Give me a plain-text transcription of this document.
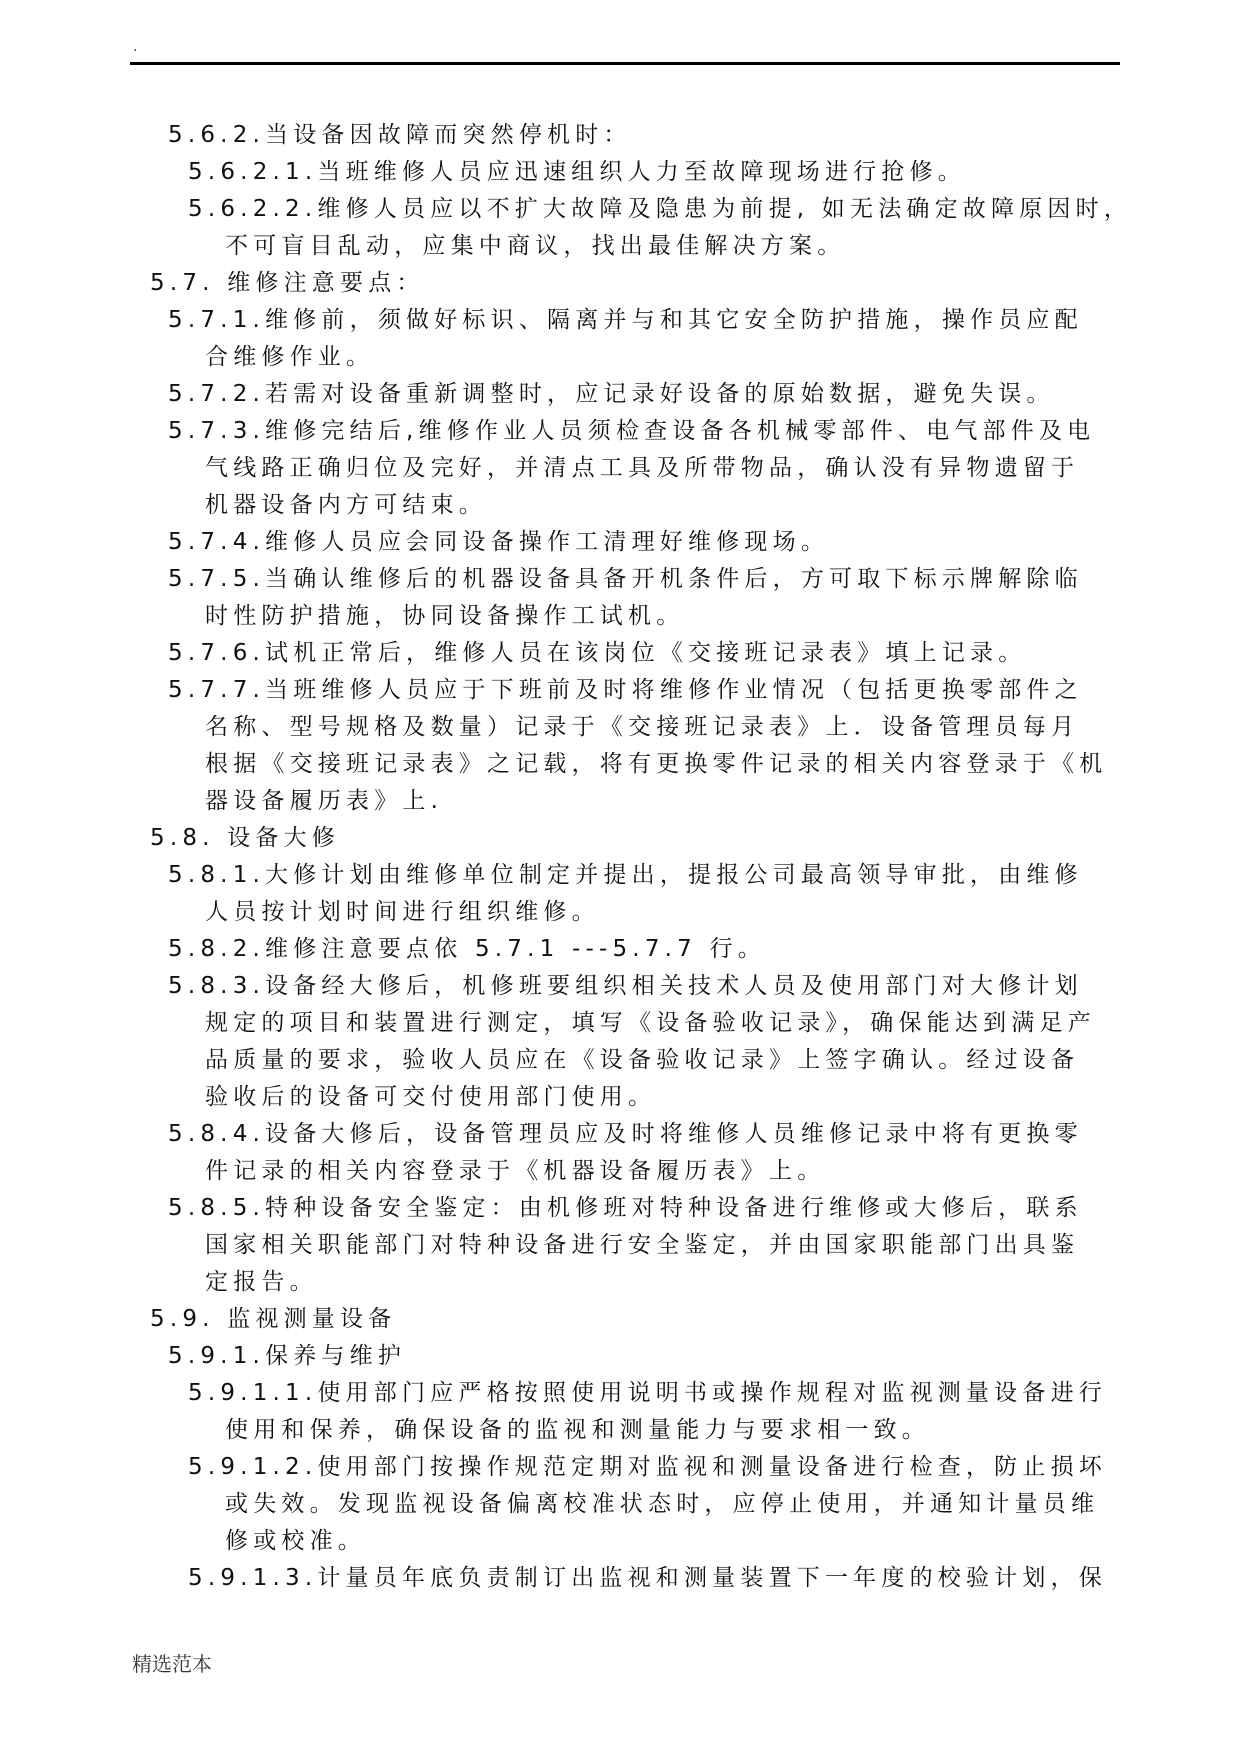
.
5.6.2.当设备因故障而突然停机时：
5.6.2.1.当班维修人员应迅速组织人力至故障现场进行抢修。
5.6.2.2.维修人员应以不扩大故障及隐患为前提, 如无法确定故障原因时，
不可盲目乱动，应集中商议，找出最佳解决方案。
5.7. 维修注意要点：
5.7.1.维修前，须做好标识、隔离并与和其它安全防护措施，操作员应配
合维修作业。
5.7.2.若需对设备重新调整时，应记录好设备的原始数据，避免失误。
5.7.3.维修完结后,维修作业人员须检查设备各机械零部件、电气部件及电
气线路正确归位及完好，并清点工具及所带物品，确认没有异物遗留于
机器设备内方可结束。
5.7.4.维修人员应会同设备操作工清理好维修现场。
5.7.5.当确认维修后的机器设备具备开机条件后，方可取下标示牌解除临
时性防护措施，协同设备操作工试机。
5.7.6.试机正常后，维修人员在该岗位《交接班记录表》填上记录。
5.7.7.当班维修人员应于下班前及时将维修作业情况（包括更换零部件之
名称、型号规格及数量）记录于《交接班记录表》上．设备管理员每月
根据《交接班记录表》之记载，将有更换零件记录的相关内容登录于《机
器设备履历表》上.
5.8. 设备大修
5.8.1.大修计划由维修单位制定并提出，提报公司最高领导审批，由维修
人员按计划时间进行组织维修。
5.8.2.维修注意要点依 5.7.1 ---5.7.7 行。
5.8.3.设备经大修后，机修班要组织相关技术人员及使用部门对大修计划
规定的项目和装置进行测定，填写《设备验收记录》，确保能达到满足产
品质量的要求，验收人员应在《设备验收记录》上签字确认。经过设备
验收后的设备可交付使用部门使用。
5.8.4.设备大修后，设备管理员应及时将维修人员维修记录中将有更换零
件记录的相关内容登录于《机器设备履历表》上。
5.8.5.特种设备安全鉴定：由机修班对特种设备进行维修或大修后，联系
国家相关职能部门对特种设备进行安全鉴定，并由国家职能部门出具鉴
定报告。
5.9. 监视测量设备
5.9.1.保养与维护
5.9.1.1.使用部门应严格按照使用说明书或操作规程对监视测量设备进行
使用和保养，确保设备的监视和测量能力与要求相一致。
5.9.1.2.使用部门按操作规范定期对监视和测量设备进行检查，防止损坏
或失效。发现监视设备偏离校准状态时，应停止使用，并通知计量员维
修或校准。
5.9.1.3.计量员年底负责制订出监视和测量装置下一年度的校验计划，保
精选范本
